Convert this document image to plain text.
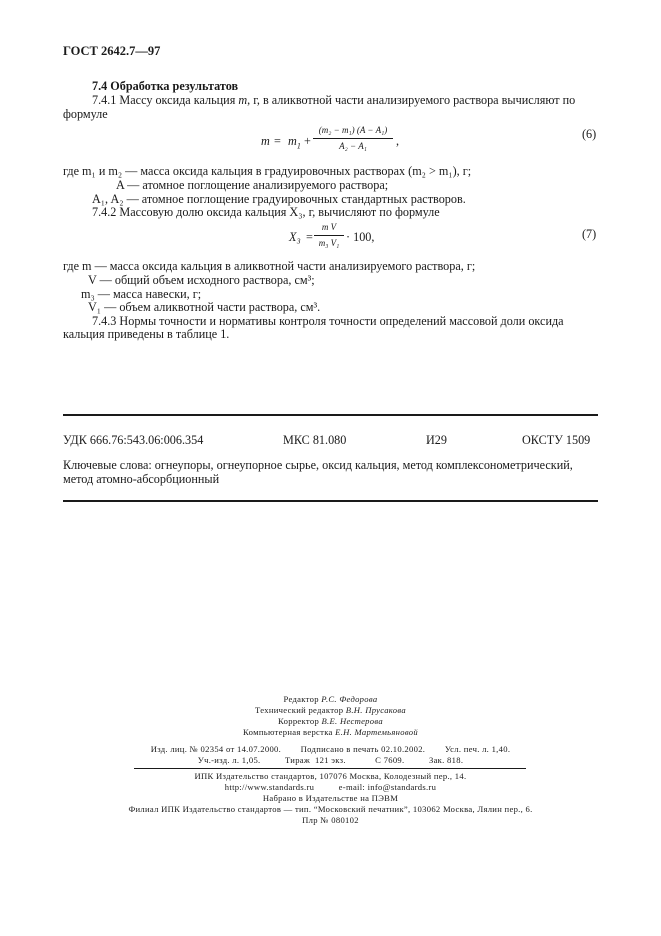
ГОСТ 2642.7—97
7.4 Обработка результатов
7.4.1 Массу оксида кальция m, г, в аликвотной части анализируемого раствора вычисляют по
формуле
$m = m_1$ +
(m₂ − m₁) (A − A₁)
A₂ − A₁	,	(6)
где m₁ и m₂ — масса оксида кальция в градуировочных растворах (m₂ > m₁), г;
A — атомное поглощение анализируемого раствора;
A₁, A₂ — атомное поглощение градуировочных стандартных растворов.
7.4.2 Массовую долю оксида кальция X₃, г, вычисляют по формуле
X₃ =
m V
m₃ V₁ · 100,	(7)
где m — масса оксида кальция в аликвотной части анализируемого раствора, г;
V — общий объем исходного раствора, см³;
m₃ — масса навески, г;
V₁ — объем аликвотной части раствора, см³.
7.4.3 Нормы точности и нормативы контроля точности определений массовой доли оксида
кальция приведены в таблице 1.
УДК 666.76:543.06:006.354	МКС 81.080	И29	ОКСТУ 1509
Ключевые слова: огнеупоры, огнеупорное сырье, оксид кальция, метод комплексонометрический,
метод атомно-абсорбционный
Редактор Р.С. Федорова
Технический редактор В.Н. Прусакова
Корректор В.Е. Нестерова
Компьютерная верстка Е.Н. Мартемьяновой
Изд. лиц. № 02354 от 14.07.2000.        Подписано в печать 02.10.2002.        Усл. печ. л. 1,40.
Уч.-изд. л. 1,05.          Тираж  121 экз.            С 7609.          Зак. 818.
ИПК Издательство стандартов, 107076 Москва, Колодезный пер., 14.
http://www.standards.ru          e-mail: info@standards.ru
Набрано в Издательстве на ПЭВМ
Филиал ИПК Издательство стандартов — тип. “Московский печатник”, 103062 Москва, Лялин пер., 6.
Плр № 080102
